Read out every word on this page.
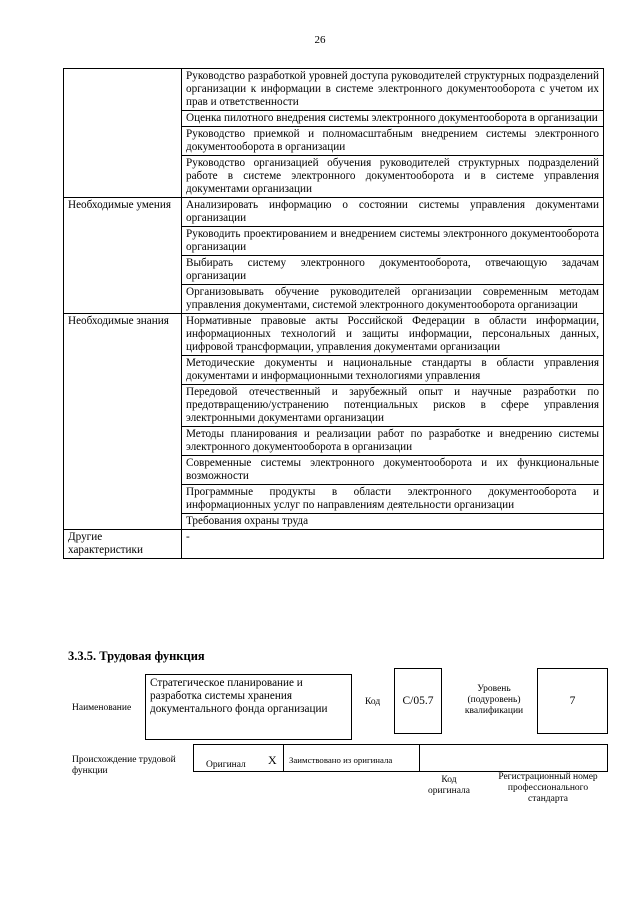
26
	Руководство разработкой уровней доступа руководителей структурных подразделений организации к информации в системе электронного документооборота с учетом их прав и ответственности
	Оценка пилотного внедрения системы электронного документооборота в организации
	Руководство приемкой и полномасштабным внедрением системы электронного документооборота в организации
	Руководство организацией обучения руководителей структурных подразделений работе в системе электронного документооборота и в системе управления документами организации
Необходимые умения	Анализировать информацию о состоянии системы управления документами организации
	Руководить проектированием и внедрением системы электронного документооборота организации
	Выбирать систему электронного документооборота, отвечающую задачам организации
	Организовывать обучение руководителей организации современным методам управления документами, системой электронного документооборота организации
Необходимые знания	Нормативные правовые акты Российской Федерации в области информации, информационных технологий и защиты информации, персональных данных, цифровой трансформации, управления документами организации
	Методические документы и национальные стандарты в области управления документами и информационными технологиями управления
	Передовой отечественный и зарубежный опыт и научные разработки по предотвращению/устранению потенциальных рисков в сфере управления электронными документами организации
	Методы планирования и реализации работ по разработке и внедрению системы электронного документооборота в организации
	Современные системы электронного документооборота и их функциональные возможности
	Программные продукты в области электронного документооборота и информационных услуг по направлениям деятельности организации
	Требования охраны труда
Другие характеристики	-
3.3.5. Трудовая функция
Наименование
Стратегическое планирование и разработка системы хранения документального фонда организации
Код С/05.7
Уровень (подуровень) квалификации
7
Происхождение трудовой функции
Оригинал X Заимствовано из оригинала
Код оригинала
Регистрационный номер профессионального стандарта
